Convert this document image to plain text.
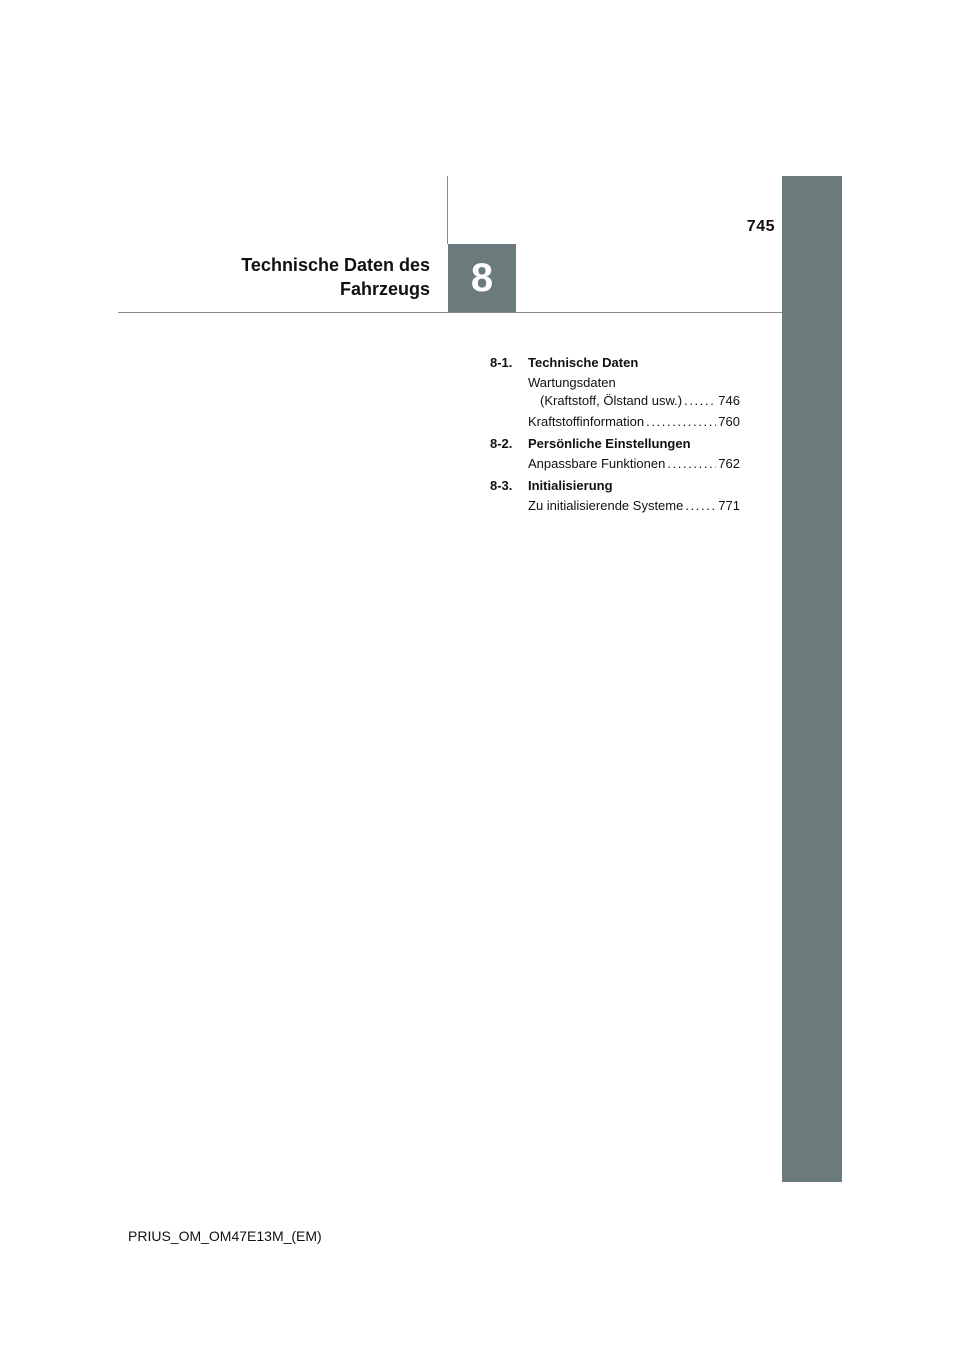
745
8
Technische Daten des
Fahrzeugs
8-1.	Technische Daten
Wartungsdaten
(Kraftstoff, Ölstand usw.) . . .	746
Kraftstoffinformation . . .	760
8-2.	Persönliche Einstellungen
Anpassbare Funktionen . . .	762
8-3.	Initialisierung
Zu initialisierende Systeme . . .	771
PRIUS_OM_OM47E13M_(EM)
